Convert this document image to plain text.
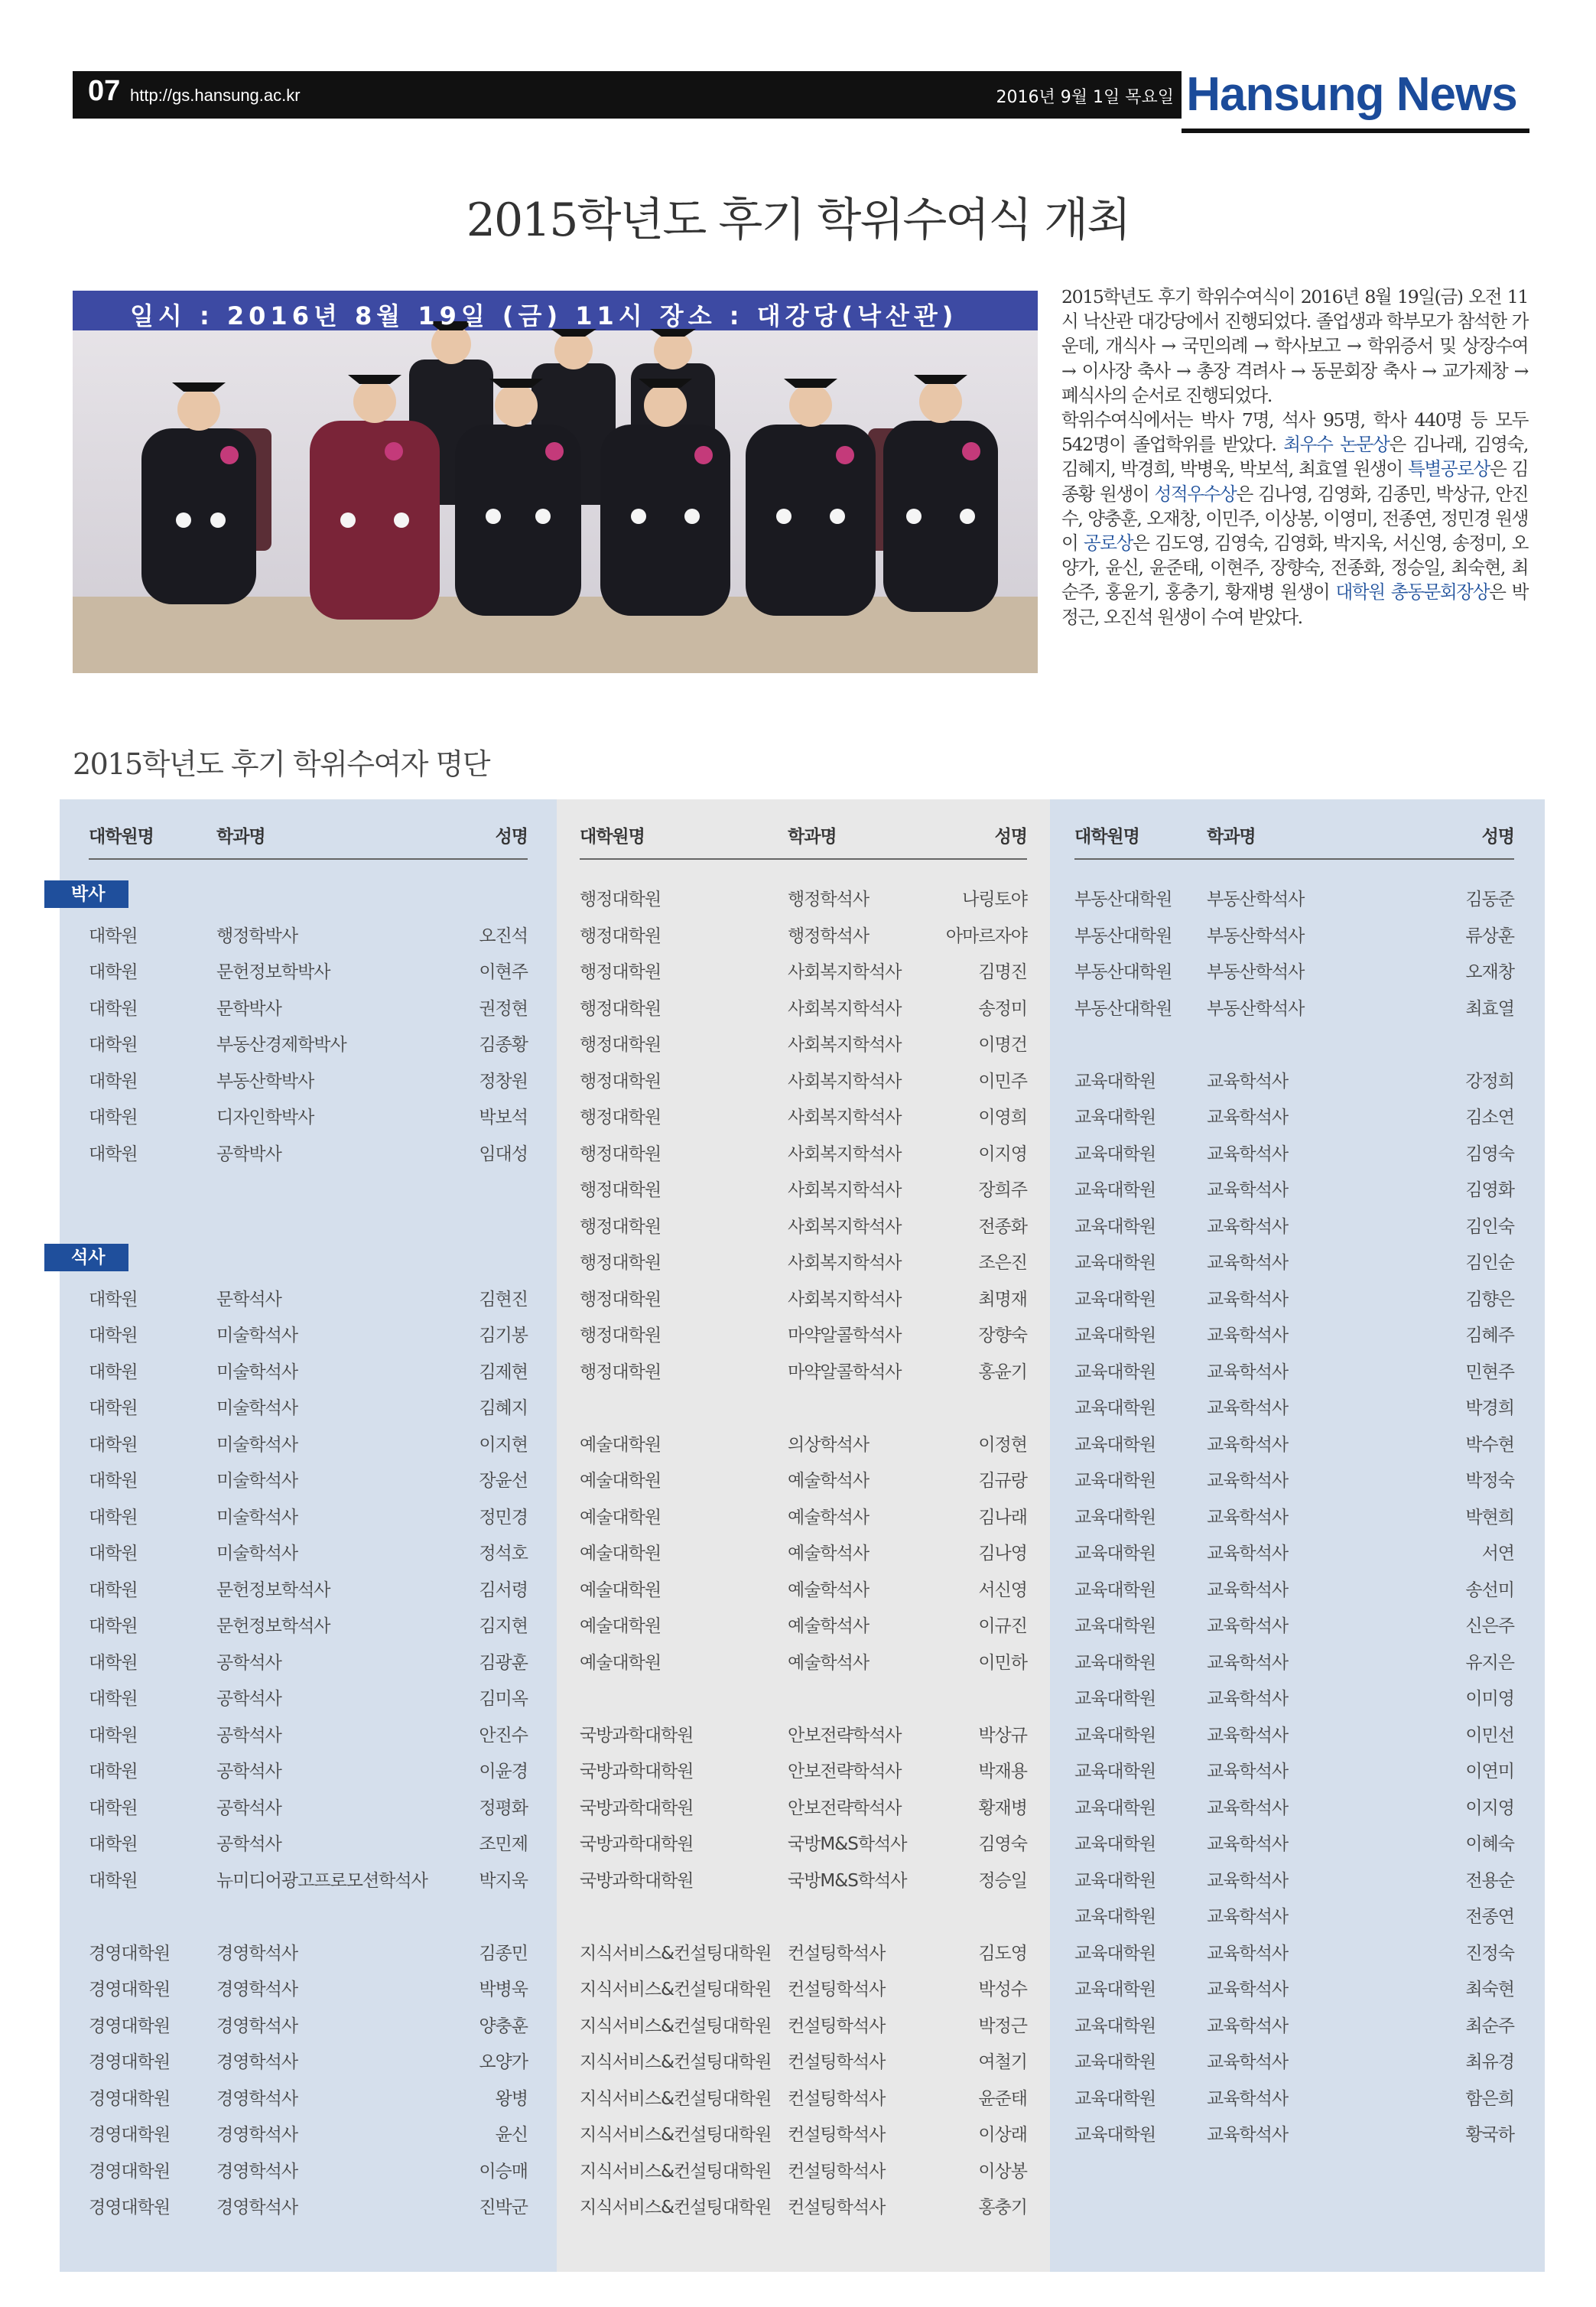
07 http://gs.hansung.ac.kr	2016년 9월 1일 목요일 Hansung News
2015학년도 후기 학위수여식 개최
일시 : 2016년 8월 19일 (금) 11시 장소 : 대강당(낙산관)
2015학년도 후기 학위수여식이 2016년 8월 19일(금) 오전 11시 낙산관 대강당에서 진행되었다. 졸업생과 학부모가 참석한 가운데, 개식사 → 국민의례 → 학사보고 → 학위증서 및 상장수여 → 이사장 축사 → 총장 격려사 → 동문회장 축사 → 교가제창 → 폐식사의 순서로 진행되었다.
학위수여식에서는 박사 7명, 석사 95명, 학사 440명 등 모두 542명이 졸업학위를 받았다. 최우수 논문상은 김나래, 김영숙, 김혜지, 박경희, 박병욱, 박보석, 최효열 원생이 특별공로상은 김종황 원생이 성적우수상은 김나영, 김영화, 김종민, 박상규, 안진수, 양충훈, 오재창, 이민주, 이상봉, 이영미, 전종연, 정민경 원생이 공로상은 김도영, 김영숙, 김영화, 박지욱, 서신영, 송정미, 오양가, 윤신, 윤준태, 이현주, 장향숙, 전종화, 정승일, 최숙현, 최순주, 홍윤기, 홍충기, 황재병 원생이 대학원 총동문회장상은 박정근, 오진석 원생이 수여 받았다.
2015학년도 후기 학위수여자 명단
대학원명	학과명	성명
박사
대학원	행정학박사	오진석
대학원	문헌정보학박사	이현주
대학원	문학박사	권정현
대학원	부동산경제학박사	김종황
대학원	부동산학박사	정창원
대학원	디자인학박사	박보석
대학원	공학박사	임대성
석사
대학원	문학석사	김현진
대학원	미술학석사	김기봉
대학원	미술학석사	김제현
대학원	미술학석사	김혜지
대학원	미술학석사	이지현
대학원	미술학석사	장윤선
대학원	미술학석사	정민경
대학원	미술학석사	정석호
대학원	문헌정보학석사	김서령
대학원	문헌정보학석사	김지현
대학원	공학석사	김광훈
대학원	공학석사	김미옥
대학원	공학석사	안진수
대학원	공학석사	이윤경
대학원	공학석사	정평화
대학원	공학석사	조민제
대학원	뉴미디어광고프로모션학석사	박지욱
경영대학원	경영학석사	김종민
경영대학원	경영학석사	박병욱
경영대학원	경영학석사	양충훈
경영대학원	경영학석사	오양가
경영대학원	경영학석사	왕병
경영대학원	경영학석사	윤신
경영대학원	경영학석사	이승매
경영대학원	경영학석사	진박군
대학원명	학과명	성명
행정대학원	행정학석사	나링토야
행정대학원	행정학석사	아마르자야
행정대학원	사회복지학석사	김명진
행정대학원	사회복지학석사	송정미
행정대학원	사회복지학석사	이명건
행정대학원	사회복지학석사	이민주
행정대학원	사회복지학석사	이영희
행정대학원	사회복지학석사	이지영
행정대학원	사회복지학석사	장희주
행정대학원	사회복지학석사	전종화
행정대학원	사회복지학석사	조은진
행정대학원	사회복지학석사	최명재
행정대학원	마약알콜학석사	장향숙
행정대학원	마약알콜학석사	홍윤기
예술대학원	의상학석사	이정현
예술대학원	예술학석사	김규랑
예술대학원	예술학석사	김나래
예술대학원	예술학석사	김나영
예술대학원	예술학석사	서신영
예술대학원	예술학석사	이규진
예술대학원	예술학석사	이민하
국방과학대학원	안보전략학석사	박상규
국방과학대학원	안보전략학석사	박재용
국방과학대학원	안보전략학석사	황재병
국방과학대학원	국방M&S학석사	김영숙
국방과학대학원	국방M&S학석사	정승일
지식서비스&컨설팅대학원 컨설팅학석사	김도영
지식서비스&컨설팅대학원 컨설팅학석사	박성수
지식서비스&컨설팅대학원 컨설팅학석사	박정근
지식서비스&컨설팅대학원 컨설팅학석사	여철기
지식서비스&컨설팅대학원 컨설팅학석사	윤준태
지식서비스&컨설팅대학원 컨설팅학석사	이상래
지식서비스&컨설팅대학원 컨설팅학석사	이상봉
지식서비스&컨설팅대학원 컨설팅학석사	홍충기
대학원명	학과명	성명
부동산대학원 부동산학석사	김동준
부동산대학원 부동산학석사	류상훈
부동산대학원 부동산학석사	오재창
부동산대학원 부동산학석사	최효열
교육대학원	교육학석사	강정희
교육대학원	교육학석사	김소연
교육대학원	교육학석사	김영숙
교육대학원	교육학석사	김영화
교육대학원	교육학석사	김인숙
교육대학원	교육학석사	김인순
교육대학원	교육학석사	김향은
교육대학원	교육학석사	김혜주
교육대학원	교육학석사	민현주
교육대학원	교육학석사	박경희
교육대학원	교육학석사	박수현
교육대학원	교육학석사	박정숙
교육대학원	교육학석사	박현희
교육대학원	교육학석사	서연
교육대학원	교육학석사	송선미
교육대학원	교육학석사	신은주
교육대학원	교육학석사	유지은
교육대학원	교육학석사	이미영
교육대학원	교육학석사	이민선
교육대학원	교육학석사	이연미
교육대학원	교육학석사	이지영
교육대학원	교육학석사	이혜숙
교육대학원	교육학석사	전용순
교육대학원	교육학석사	전종연
교육대학원	교육학석사	진정숙
교육대학원	교육학석사	최숙현
교육대학원	교육학석사	최순주
교육대학원	교육학석사	최유경
교육대학원	교육학석사	함은희
교육대학원	교육학석사	황국하
